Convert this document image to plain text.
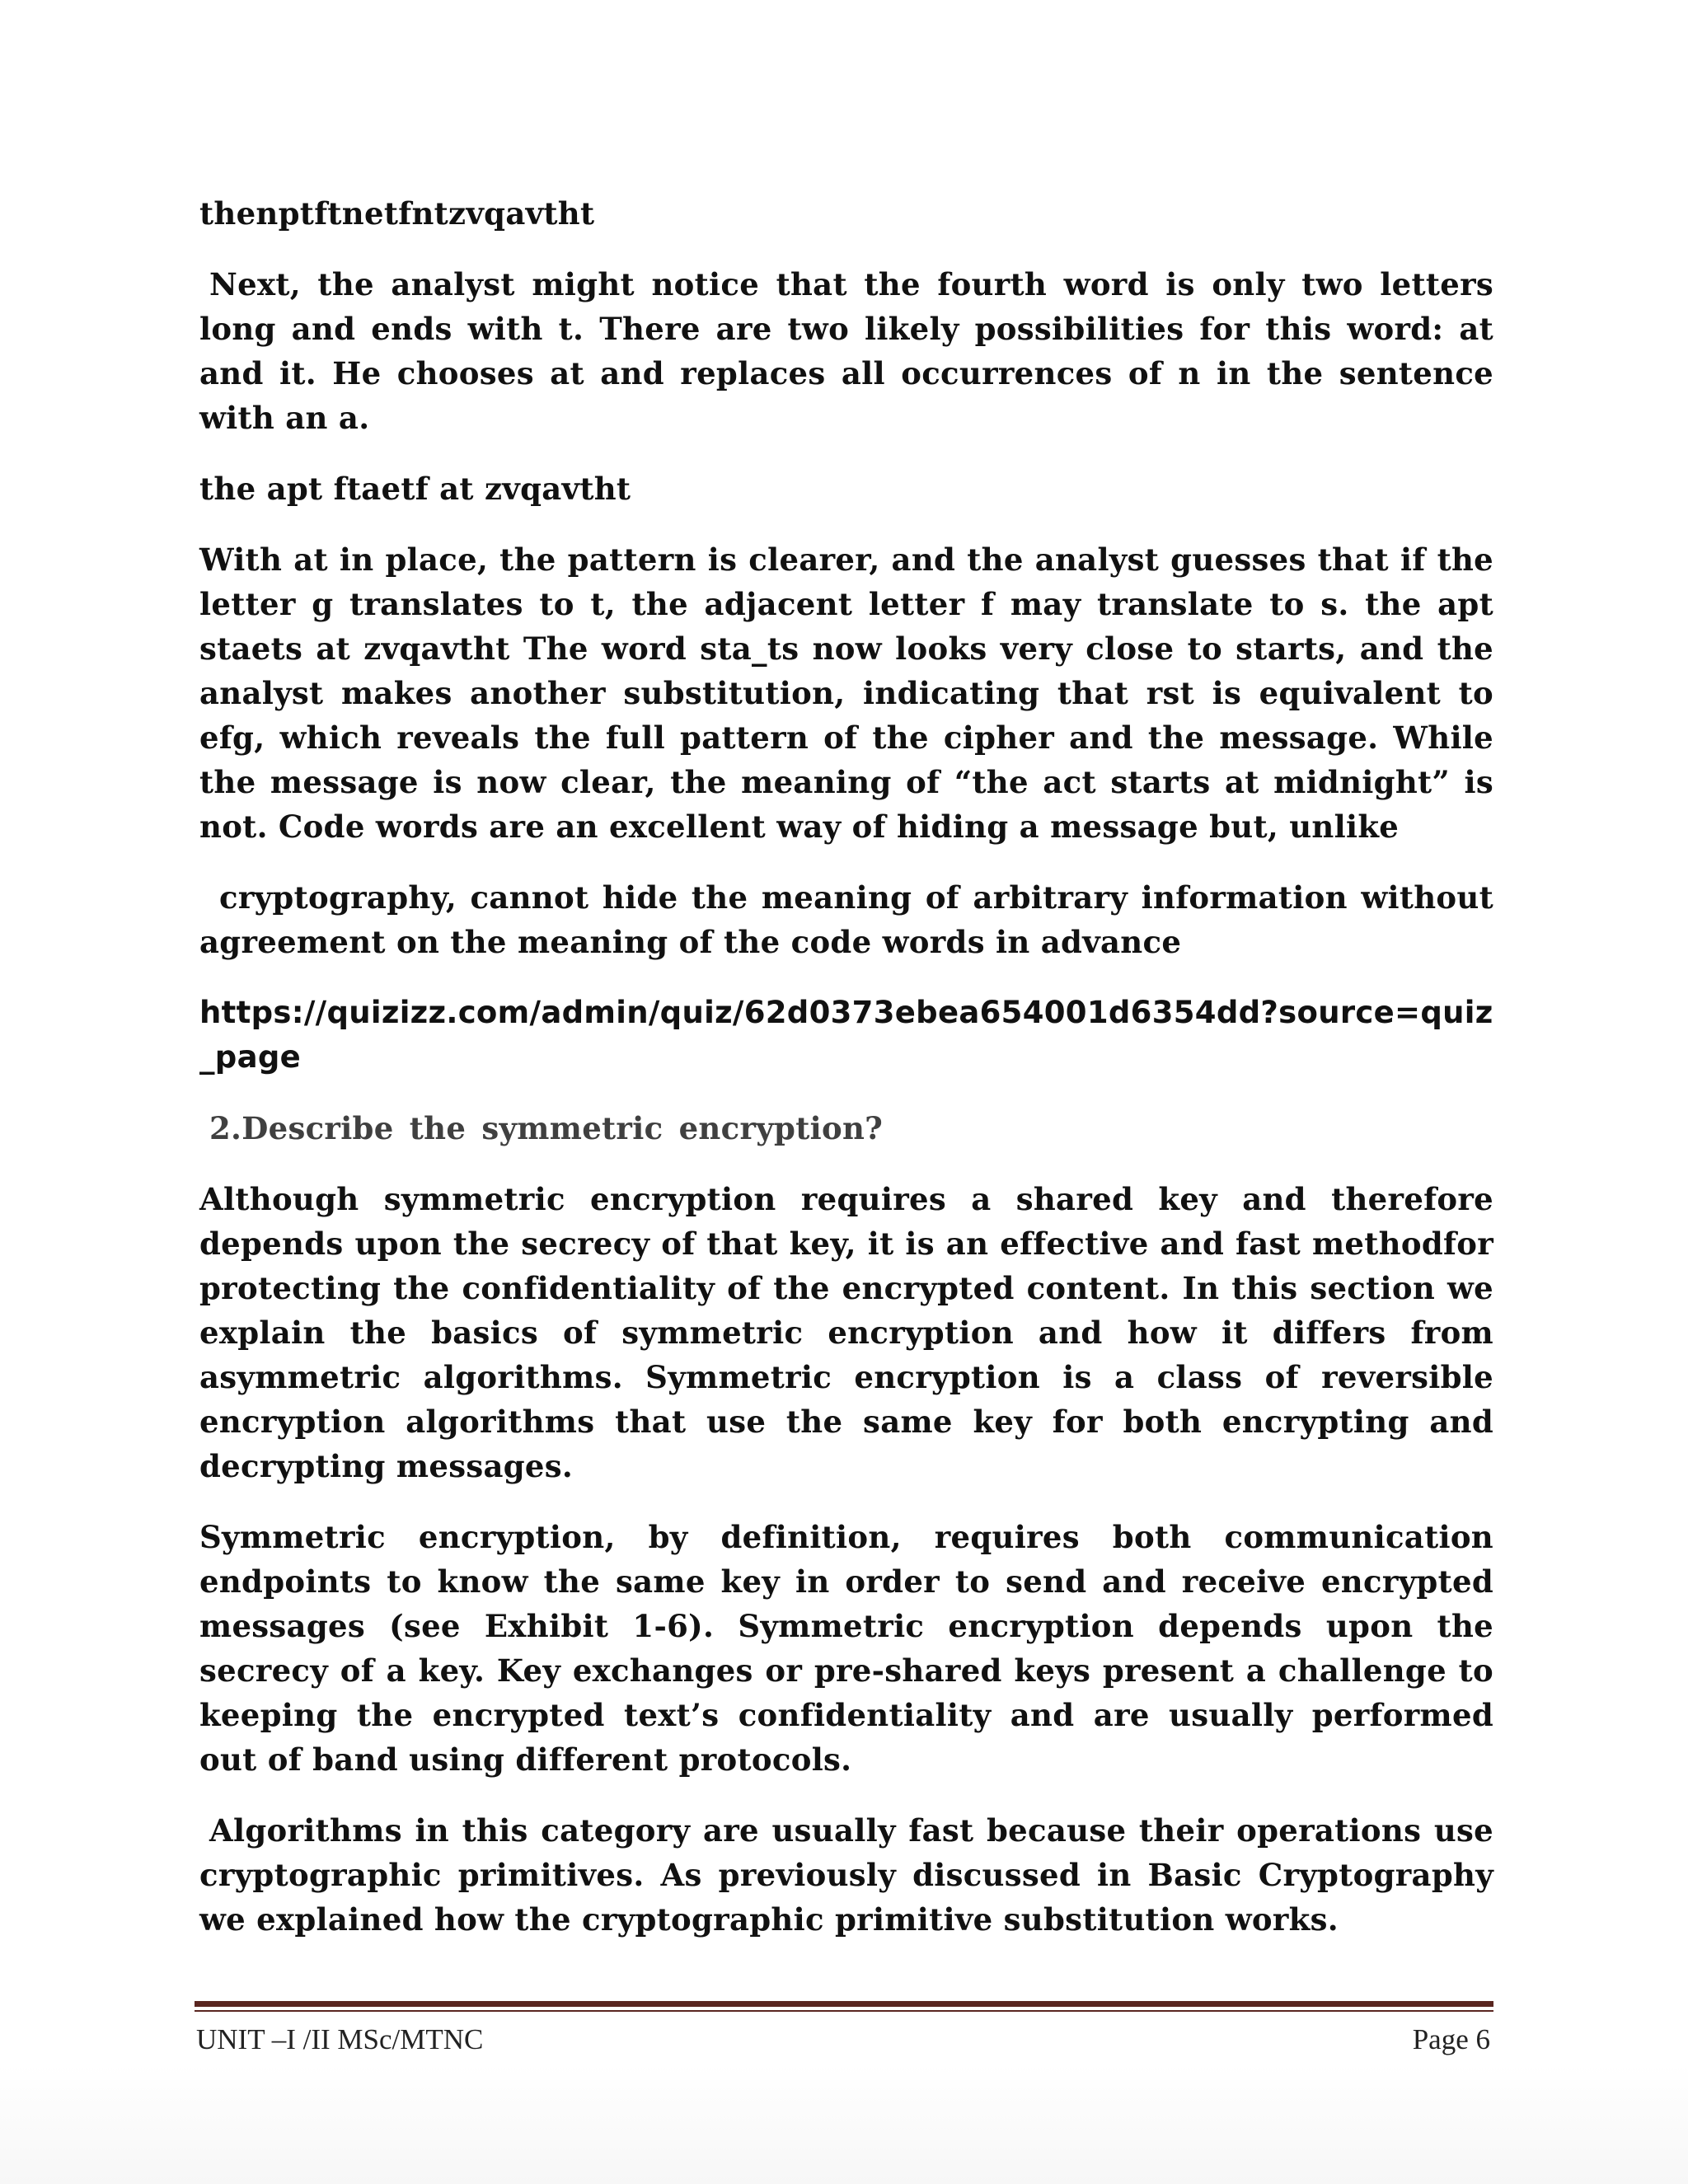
thenptftnetfntzvqavtht

Next, the analyst might notice that the fourth word is only two letters long and ends with t. There are two likely possibilities for this word: at and it. He chooses at and replaces all occurrences of n in the sentence with an a.

the apt ftaetf at zvqavtht

With at in place, the pattern is clearer, and the analyst guesses that if the letter g translates to t, the adjacent letter f may translate to s. the apt staets at zvqavtht The word sta_ts now looks very close to starts, and the analyst makes another substitution, indicating that rst is equivalent to efg, which reveals the full pattern of the cipher and the message. While the message is now clear, the meaning of “the act starts at midnight” is not. Code words are an excellent way of hiding a message but, unlike

cryptography, cannot hide the meaning of arbitrary information without agreement on the meaning of the code words in advance

https://quizizz.com/admin/quiz/62d0373ebea654001d6354dd?source=quiz_page

2.Describe the symmetric encryption?

Although symmetric encryption requires a shared key and therefore depends upon the secrecy of that key, it is an effective and fast methodfor protecting the confidentiality of the encrypted content. In this section we explain the basics of symmetric encryption and how it differs from asymmetric algorithms. Symmetric encryption is a class of reversible encryption algorithms that use the same key for both encrypting and decrypting messages.

Symmetric encryption, by definition, requires both communication endpoints to know the same key in order to send and receive encrypted messages (see Exhibit 1-6). Symmetric encryption depends upon the secrecy of a key. Key exchanges or pre-shared keys present a challenge to keeping the encrypted text’s confidentiality and are usually performed out of band using different protocols.

Algorithms in this category are usually fast because their operations use cryptographic primitives. As previously discussed in Basic Cryptography we explained how the cryptographic primitive substitution works.

UNIT –I /II MSc/MTNC	Page 6
